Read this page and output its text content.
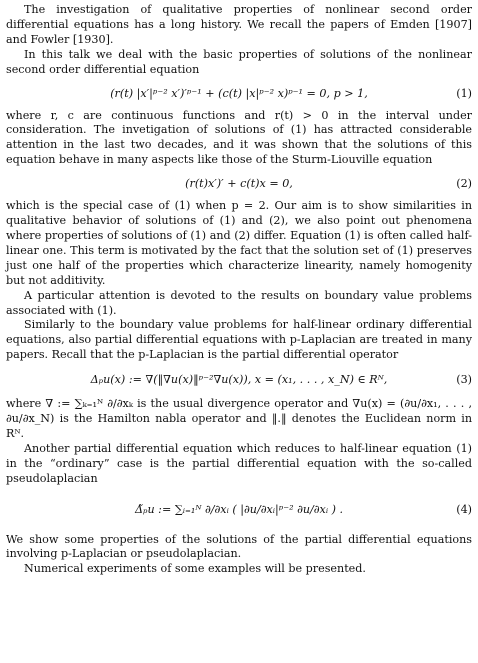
The investigation of qualitative properties of nonlinear second order differential equations has a long history. We recall the papers of Emden [1907] and Fowler [1930].

In this talk we deal with the basic properties of solutions of the nonlinear second order differential equation

(r(t) |x′|ᵖ⁻² x′)′ᵖ⁻¹ + (c(t) |x|ᵖ⁻² x)ᵖ⁻¹ = 0, p > 1,	(1)

where r, c are continuous functions and r(t) > 0 in the interval under consideration. The invetigation of solutions of (1) has attracted considerable attention in the last two decades, and it was shown that the solutions of this equation behave in many aspects like those of the Sturm-Liouville equation

(r(t)x′)′ + c(t)x = 0,	(2)

which is the special case of (1) when p = 2. Our aim is to show similarities in qualitative behavior of solutions of (1) and (2), we also point out phenomena where properties of solutions of (1) and (2) differ. Equation (1) is often called half-linear one. This term is motivated by the fact that the solution set of (1) preserves just one half of the properties which characterize linearity, namely homogenity but not additivity.

A particular attention is devoted to the results on boundary value problems associated with (1).

Similarly to the boundary value problems for half-linear ordinary differential equations, also partial differential equations with p-Laplacian are treated in many papers. Recall that the p-Laplacian is the partial differential operator

Δₚu(x) := ∇(‖∇u(x)‖ᵖ⁻²∇u(x)), x = (x₁, . . . , x_N) ∈ Rᴺ,	(3)

where ∇ := ∑ₖ₌₁ᴺ ∂/∂xₖ is the usual divergence operator and ∇u(x) = (∂u/∂x₁, . . . , ∂u/∂x_N) is the Hamilton nabla operator and ‖.‖ denotes the Euclidean norm in Rᴺ.

Another partial differential equation which reduces to half-linear equation (1) in the “ordinary” case is the partial differential equation with the so-called pseudolaplacian

Δ̃ₚu := ∑ᵢ₌₁ᴺ ∂/∂xᵢ ( |∂u/∂xᵢ|ᵖ⁻² ∂u/∂xᵢ ) .	(4)

We show some properties of the solutions of the partial differential equations involving p-Laplacian or pseudolaplacian.

Numerical experiments of some examples will be presented.
